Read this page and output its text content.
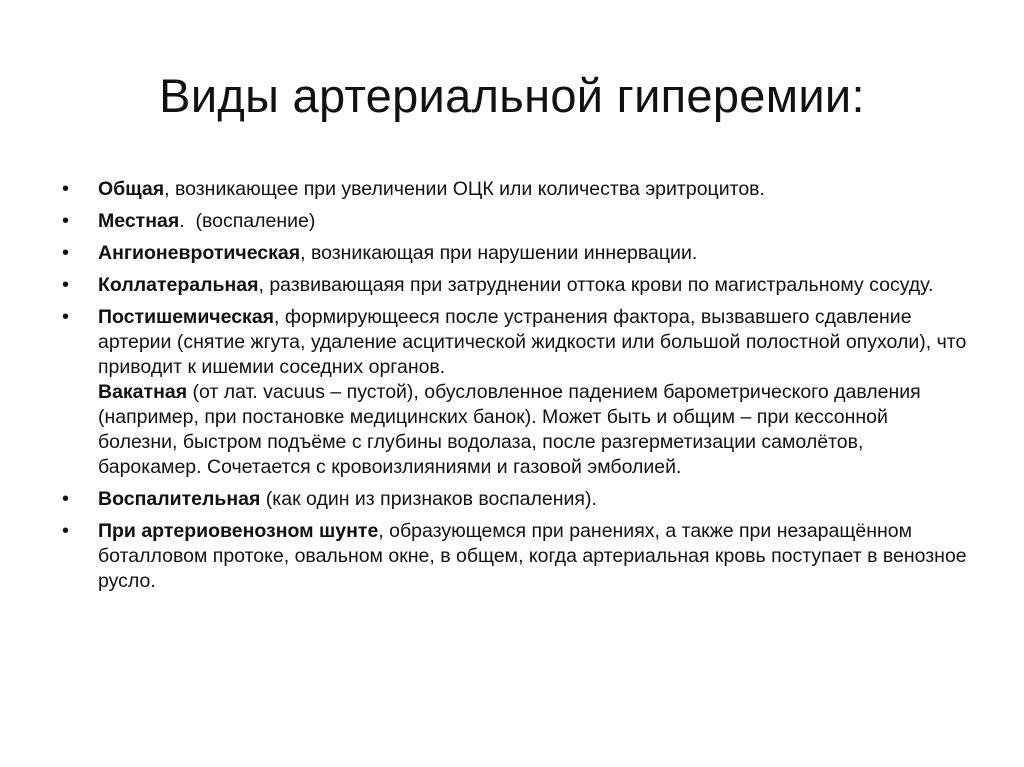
Виды артериальной гиперемии:
•	Общая, возникающее при увеличении ОЦК или количества эритроцитов.
•	Местная.  (воспаление)
•	Ангионевротическая, возникающая при нарушении иннервации.
•	Коллатеральная, развивающаяя при затруднении оттока крови по магистральному сосуду.
•	Постишемическая, формирующееся после устранения фактора, вызвавшего сдавление артерии (снятие жгута, удаление асцитической жидкости или большой полостной опухоли), что приводит к ишемии соседних органов.
Вакатная (от лат. vacuus – пустой), обусловленное падением барометрического давления (например, при постановке медицинских банок). Может быть и общим – при кессонной болезни, быстром подъёме с глубины водолаза, после разгерметизации самолётов, барокамер. Сочетается с кровоизлияниями и газовой эмболией.
•	Воспалительная (как один из признаков воспаления).
•	При артериовенозном шунте, образующемся при ранениях, а также при незаращённом боталловом протоке, овальном окне, в общем, когда артериальная кровь поступает в венозное русло.
